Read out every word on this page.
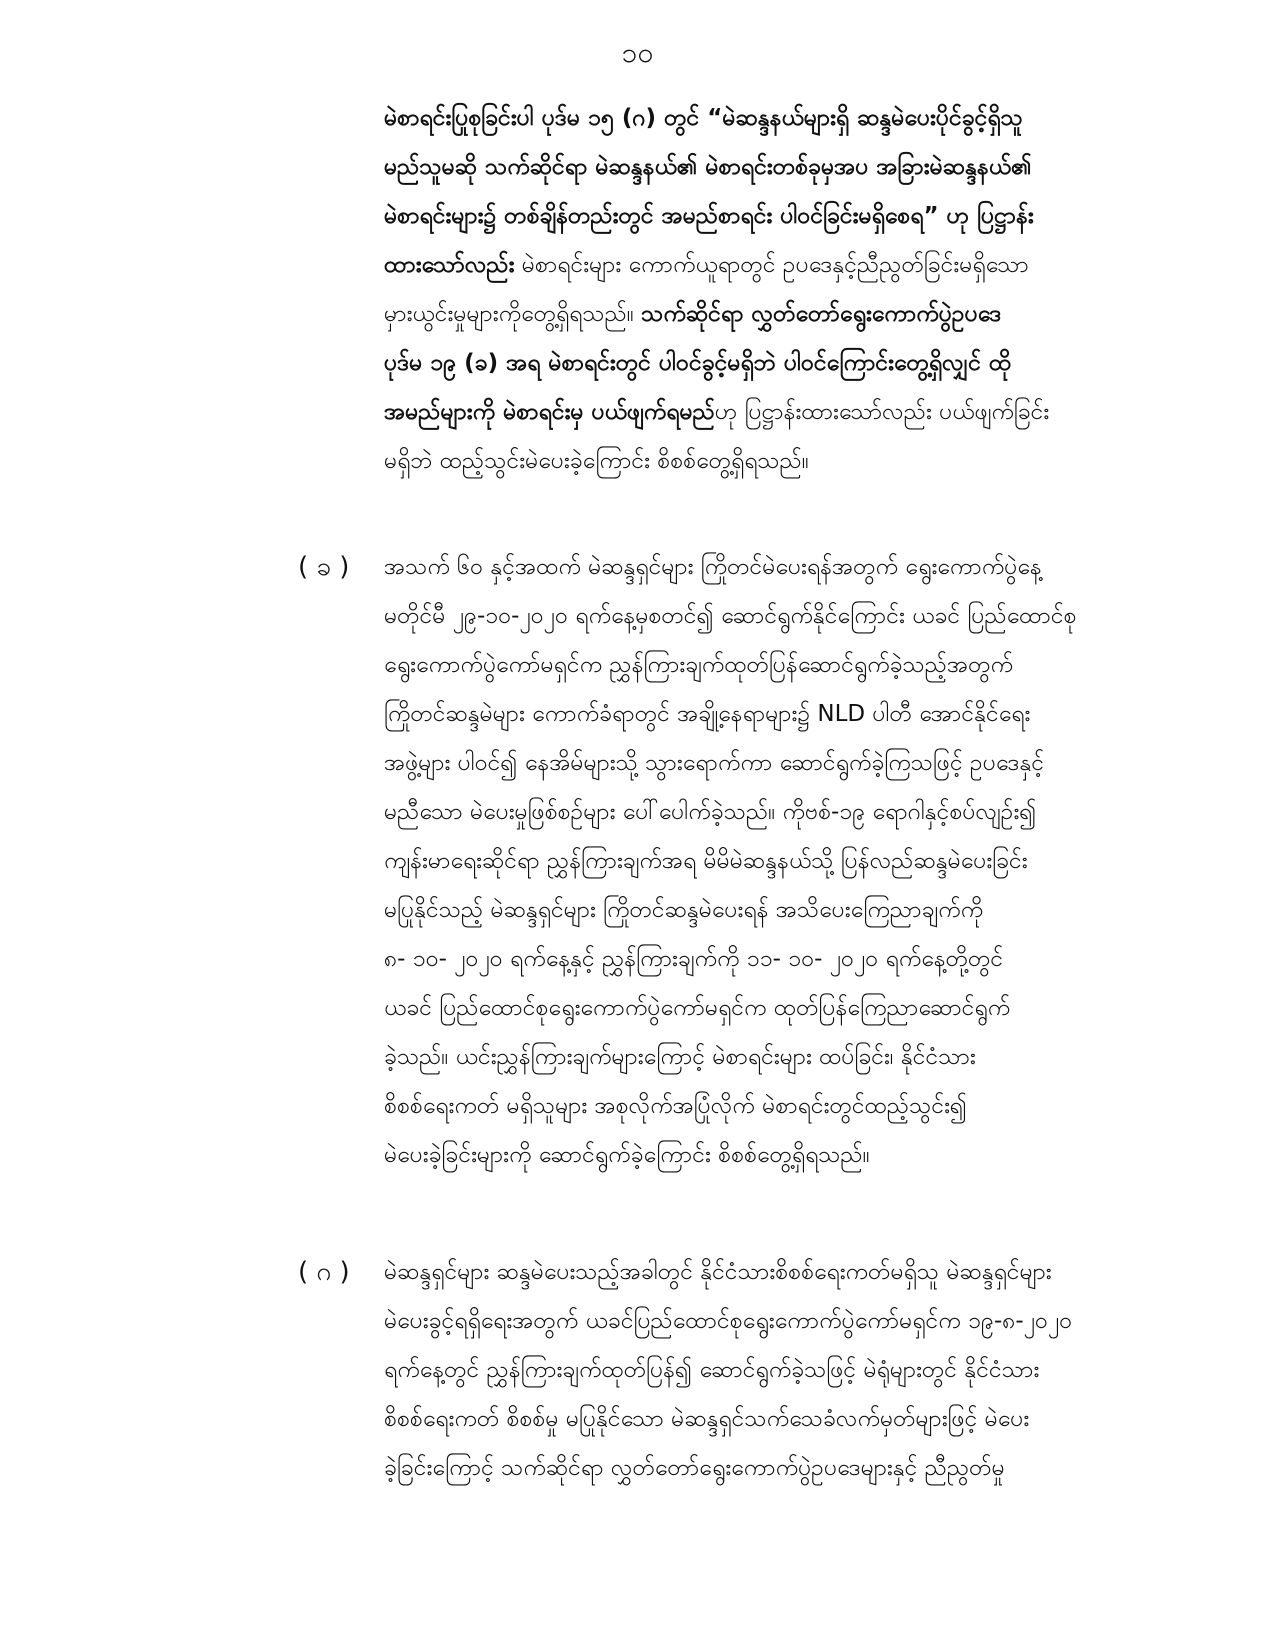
၁၀
မဲစာရင်းပြုစုခြင်းပါ ပုဒ်မ ၁၅ (ဂ) တွင် “မဲဆန္ဒနယ်များရှိ ဆန္ဒမဲပေးပိုင်ခွင့်ရှိသူ
မည်သူမဆို သက်ဆိုင်ရာ မဲဆန္ဒနယ်၏ မဲစာရင်းတစ်ခုမှအပ အခြားမဲဆန္ဒနယ်၏
မဲစာရင်းများ၌ တစ်ချိန်တည်းတွင် အမည်စာရင်း ပါဝင်ခြင်းမရှိစေရ” ဟု ပြဋ္ဌာန်း
ထားသော်လည်း မဲစာရင်းများ ကောက်ယူရာတွင် ဥပဒေနှင့်ညီညွတ်ခြင်းမရှိသော
မှားယွင်းမှုများကိုတွေ့ရှိရသည်။ သက်ဆိုင်ရာ လွှတ်တော်ရွေးကောက်ပွဲဥပဒေ
ပုဒ်မ ၁၉ (ခ) အရ မဲစာရင်းတွင် ပါဝင်ခွင့်မရှိဘဲ ပါဝင်ကြောင်းတွေ့ရှိလျှင် ထို
အမည်များကို မဲစာရင်းမှ ပယ်ဖျက်ရမည်ဟု ပြဋ္ဌာန်းထားသော်လည်း ပယ်ဖျက်ခြင်း
မရှိဘဲ ထည့်သွင်းမဲပေးခဲ့ကြောင်း စိစစ်တွေ့ရှိရသည်။
( ခ ) အသက် ၆၀ နှင့်အထက် မဲဆန္ဒရှင်များ ကြိုတင်မဲပေးရန်အတွက် ရွေးကောက်ပွဲနေ့
မတိုင်မီ ၂၉-၁၀-၂၀၂၀ ရက်နေ့မှစတင်၍ ဆောင်ရွက်နိုင်ကြောင်း ယခင် ပြည်ထောင်စု
ရွေးကောက်ပွဲကော်မရှင်က ညွှန်ကြားချက်ထုတ်ပြန်ဆောင်ရွက်ခဲ့သည့်အတွက်
ကြိုတင်ဆန္ဒမဲများ ကောက်ခံရာတွင် အချို့နေရာများ၌ NLD ပါတီ အောင်နိုင်ရေး
အဖွဲ့များ ပါဝင်၍ နေအိမ်များသို့ သွားရောက်ကာ ဆောင်ရွက်ခဲ့ကြသဖြင့် ဥပဒေနှင့်
မညီသော မဲပေးမှုဖြစ်စဉ်များ ပေါ်ပေါက်ခဲ့သည်။ ကိုဗစ်-၁၉ ရောဂါနှင့်စပ်လျဉ်း၍
ကျန်းမာရေးဆိုင်ရာ ညွှန်ကြားချက်အရ မိမိမဲဆန္ဒနယ်သို့ ပြန်လည်ဆန္ဒမဲပေးခြင်း
မပြုနိုင်သည့် မဲဆန္ဒရှင်များ ကြိုတင်ဆန္ဒမဲပေးရန် အသိပေးကြေညာချက်ကို
၈- ၁၀- ၂၀၂၀ ရက်နေ့နှင့် ညွှန်ကြားချက်ကို ၁၁- ၁၀- ၂၀၂၀ ရက်နေ့တို့တွင်
ယခင် ပြည်ထောင်စုရွေးကောက်ပွဲကော်မရှင်က ထုတ်ပြန်ကြေညာဆောင်ရွက်
ခဲ့သည်။ ယင်းညွှန်ကြားချက်များကြောင့် မဲစာရင်းများ ထပ်ခြင်း၊ နိုင်ငံသား
စိစစ်ရေးကတ် မရှိသူများ အစုလိုက်အပြုံလိုက် မဲစာရင်းတွင်ထည့်သွင်း၍
မဲပေးခဲ့ခြင်းများကို ဆောင်ရွက်ခဲ့ကြောင်း စိစစ်တွေ့ရှိရသည်။
( ဂ ) မဲဆန္ဒရှင်များ ဆန္ဒမဲပေးသည့်အခါတွင် နိုင်ငံသားစိစစ်ရေးကတ်မရှိသူ မဲဆန္ဒရှင်များ
မဲပေးခွင့်ရရှိရေးအတွက် ယခင်ပြည်ထောင်စုရွေးကောက်ပွဲကော်မရှင်က ၁၉-၈-၂၀၂၀
ရက်နေ့တွင် ညွှန်ကြားချက်ထုတ်ပြန်၍ ဆောင်ရွက်ခဲ့သဖြင့် မဲရုံများတွင် နိုင်ငံသား
စိစစ်ရေးကတ် စိစစ်မှု မပြုနိုင်သော မဲဆန္ဒရှင်သက်သေခံလက်မှတ်များဖြင့် မဲပေး
ခဲ့ခြင်းကြောင့် သက်ဆိုင်ရာ လွှတ်တော်ရွေးကောက်ပွဲဥပဒေများနှင့် ညီညွတ်မှု
